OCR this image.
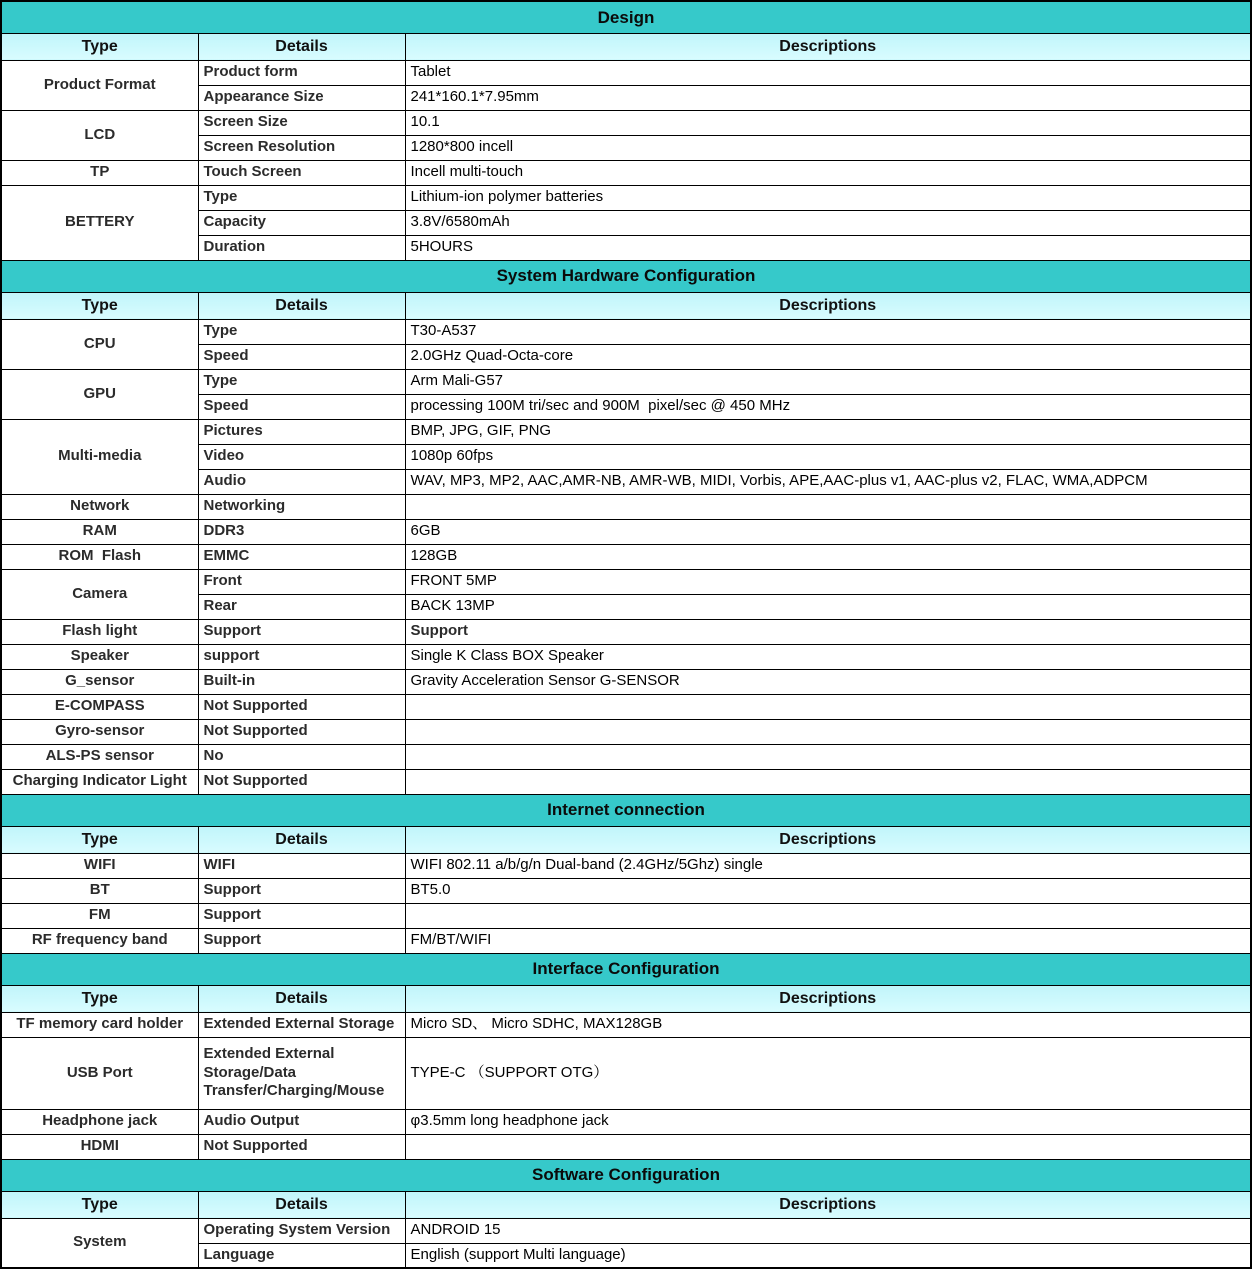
Design		
Type	Details	Descriptions
Product Format	Product form	Tablet
	Appearance Size	241*160.1*7.95mm
LCD	Screen Size	10.1
	Screen Resolution	1280*800 incell
TP	Touch Screen	Incell multi-touch
BETTERY	Type	Lithium-ion polymer batteries
	Capacity	3.8V/6580mAh
	Duration	5HOURS
System Hardware Configuration		
Type	Details	Descriptions
CPU	Type	T30-A537
	Speed	2.0GHz Quad-Octa-core
GPU	Type	Arm Mali-G57
	Speed	processing 100M tri/sec and 900M  pixel/sec @ 450 MHz
Multi-media	Pictures	BMP, JPG, GIF, PNG
	Video	1080p 60fps
	Audio	WAV, MP3, MP2, AAC,AMR-NB, AMR-WB, MIDI, Vorbis, APE,AAC-plus v1, AAC-plus v2, FLAC, WMA,ADPCM
Network	Networking	
RAM	DDR3	6GB
ROM  Flash	EMMC	128GB
Camera	Front	FRONT 5MP
	Rear	BACK 13MP
Flash light	Support	Support
Speaker	support	Single K Class BOX Speaker
G_sensor	Built-in	Gravity Acceleration Sensor G-SENSOR
E-COMPASS	Not Supported	
Gyro-sensor	Not Supported	
ALS-PS sensor	No	
Charging Indicator Light	Not Supported	
Internet connection		
Type	Details	Descriptions
WIFI	WIFI	WIFI 802.11 a/b/g/n Dual-band (2.4GHz/5Ghz) single
BT	Support	BT5.0
FM	Support	
RF frequency band	Support	FM/BT/WIFI
Interface Configuration		
Type	Details	Descriptions
TF memory card holder	Extended External Storage	Micro SD、 Micro SDHC, MAX128GB
USB Port	Extended External Storage/Data Transfer/Charging/Mouse	TYPE-C （SUPPORT OTG）
Headphone jack	Audio Output	φ3.5mm long headphone jack
HDMI	Not Supported	
Software Configuration		
Type	Details	Descriptions
System	Operating System Version	ANDROID 15
	Language	English (support Multi language)
